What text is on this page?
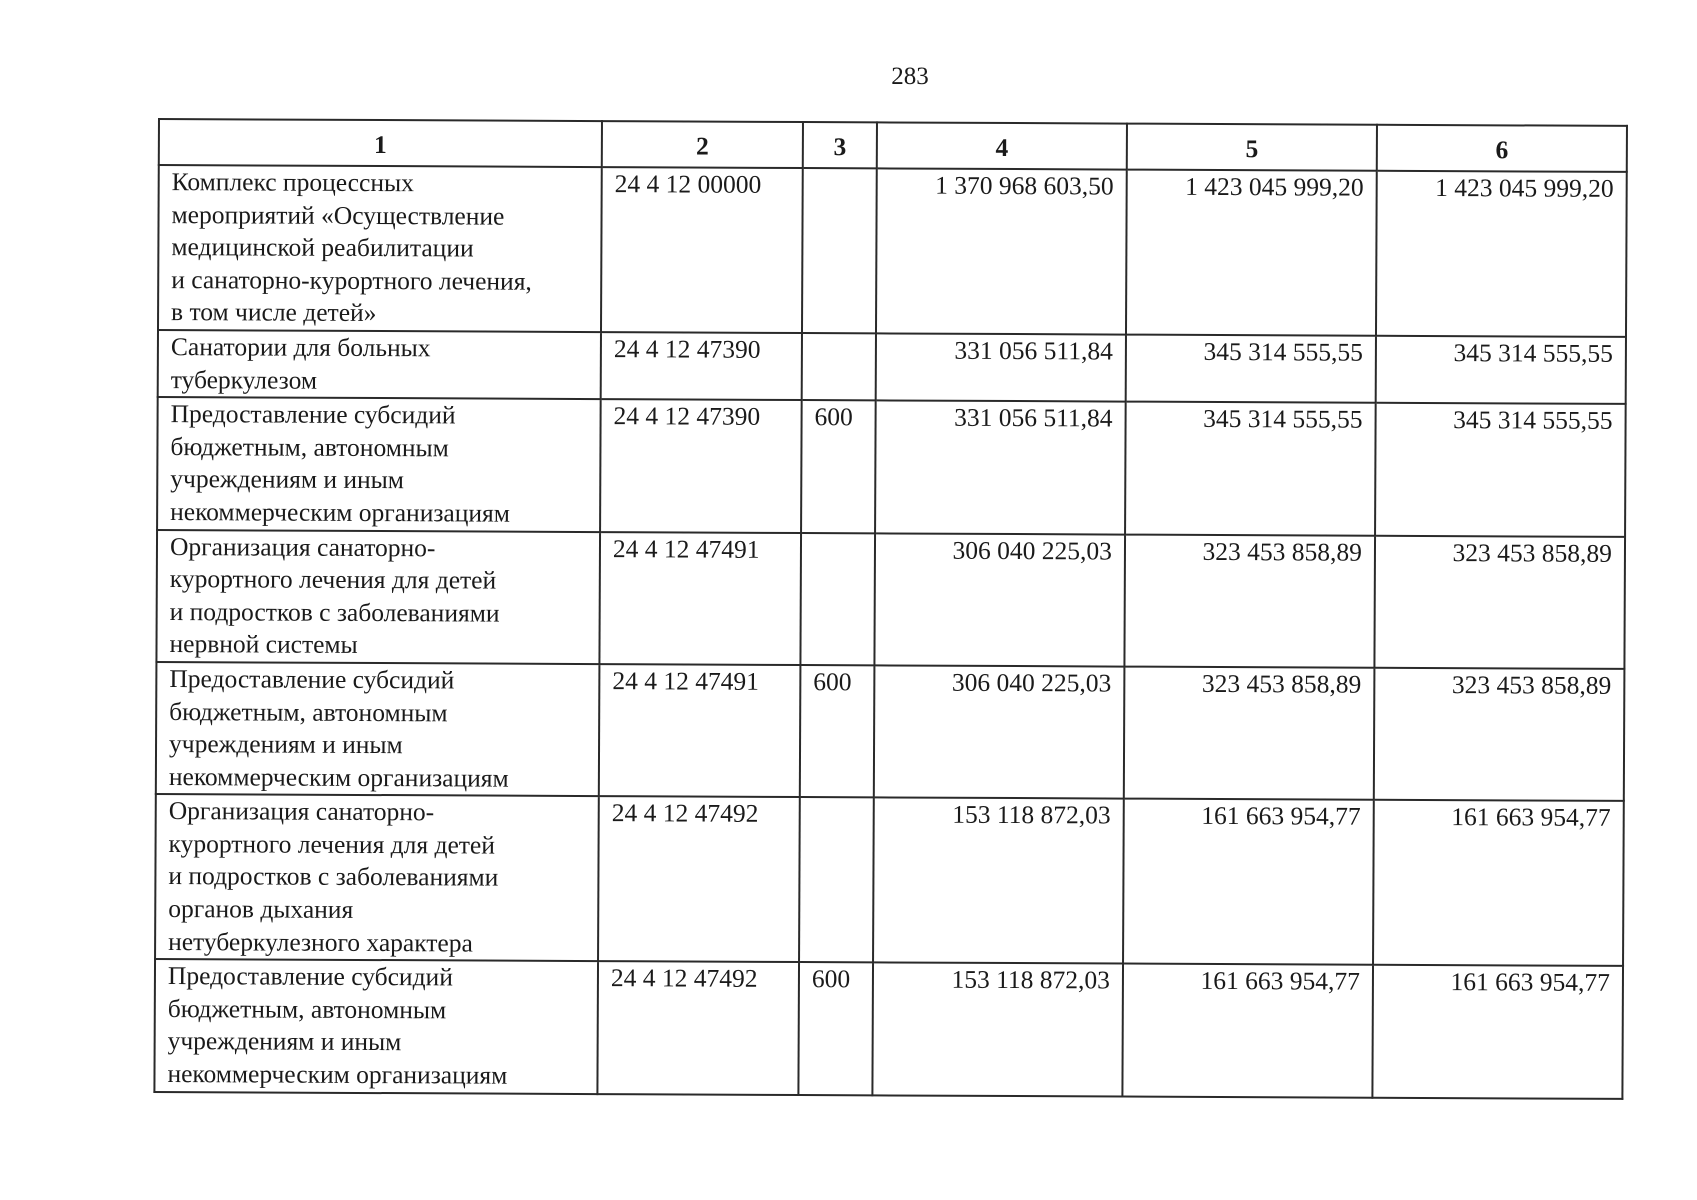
283
1	2	3	4	5	6

Комплекс процессных
мероприятий «Осуществление
медицинской реабилитации
и санаторно-курортного лечения,
в том числе детей»	24 4 12 00000		1 370 968 603,50	1 423 045 999,20	1 423 045 999,20

Санатории для больных
туберкулезом	24 4 12 47390		331 056 511,84	345 314 555,55	345 314 555,55

Предоставление субсидий
бюджетным, автономным
учреждениям и иным
некоммерческим организациям	24 4 12 47390	600	331 056 511,84	345 314 555,55	345 314 555,55

Организация санаторно-
курортного лечения для детей
и подростков с заболеваниями
нервной системы	24 4 12 47491		306 040 225,03	323 453 858,89	323 453 858,89

Предоставление субсидий
бюджетным, автономным
учреждениям и иным
некоммерческим организациям	24 4 12 47491	600	306 040 225,03	323 453 858,89	323 453 858,89

Организация санаторно-
курортного лечения для детей
и подростков с заболеваниями
органов дыхания
нетуберкулезного характера	24 4 12 47492		153 118 872,03	161 663 954,77	161 663 954,77

Предоставление субсидий
бюджетным, автономным
учреждениям и иным
некоммерческим организациям	24 4 12 47492	600	153 118 872,03	161 663 954,77	161 663 954,77
